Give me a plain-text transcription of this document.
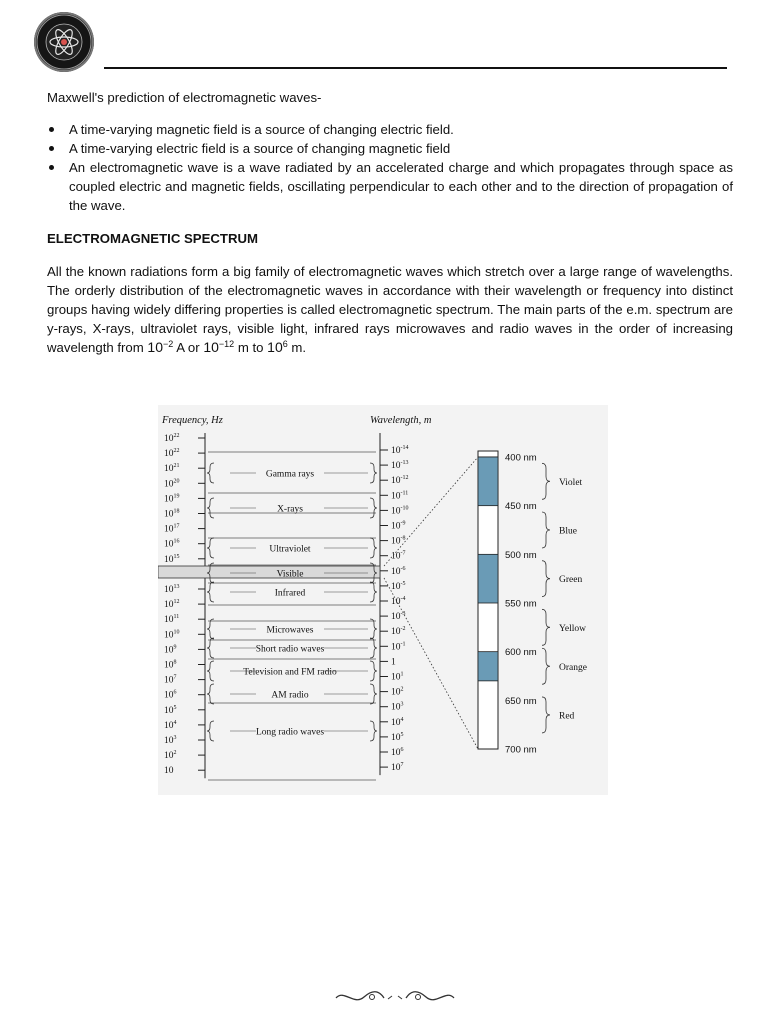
Maxwell's prediction of electromagnetic waves-
A time-varying magnetic field is a source of changing electric field.
A time-varying electric field is a source of changing magnetic field
An electromagnetic wave is a wave radiated by an accelerated charge and which propagates through space as coupled electric and magnetic fields, oscillating perpendicular to each other and to the direction of propagation of the wave.
ELECTROMAGNETIC SPECTRUM
All the known radiations form a big family of electromagnetic waves which stretch over a large range of wavelengths. The orderly distribution of the electromagnetic waves in accordance with their wavelength or frequency into distinct groups having widely differing properties is called electromagnetic spectrum. The main parts of the e.m. spectrum are y-rays, X-rays, ultraviolet rays, visible light, infrared rays microwaves and radio waves in the order of increasing wavelength from $10^{-2}$ A or $10^{-12}$ m to $10^6$ m.
Frequency, Hz	Wavelength, m
$10^{22}$
$10^{22}$
$10^{21}$
$10^{20}$
$10^{19}$
$10^{18}$
$10^{17}$
$10^{16}$
$10^{15}$
$10^{13}$
$10^{12}$
$10^{11}$
$10^{10}$
$10^9$
$10^8$
$10^7$
$10^6$
$10^5$
$10^4$
$10^3$
$10^2$
10
$10^{-14}$
$10^{-13}$
$10^{-12}$
$10^{-11}$
$10^{-10}$
$10^{-9}$
$10^{-8}$
$10^{-7}$
$10^{-6}$
$10^{-5}$
$10^{-4}$
$10^{-3}$
$10^{-2}$
$10^{-1}$
1
$10^1$
$10^2$
$10^3$
$10^4$
$10^5$
$10^6$
$10^7$
Gamma rays
X-rays
Ultraviolet
Visible
Infrared
Microwaves
Short radio waves
Television and FM radio
AM radio
Long radio waves
400 nm
450 nm
500 nm
550 nm
600 nm
650 nm
700 nm
Violet
Blue
Green
Yellow
Orange
Red
